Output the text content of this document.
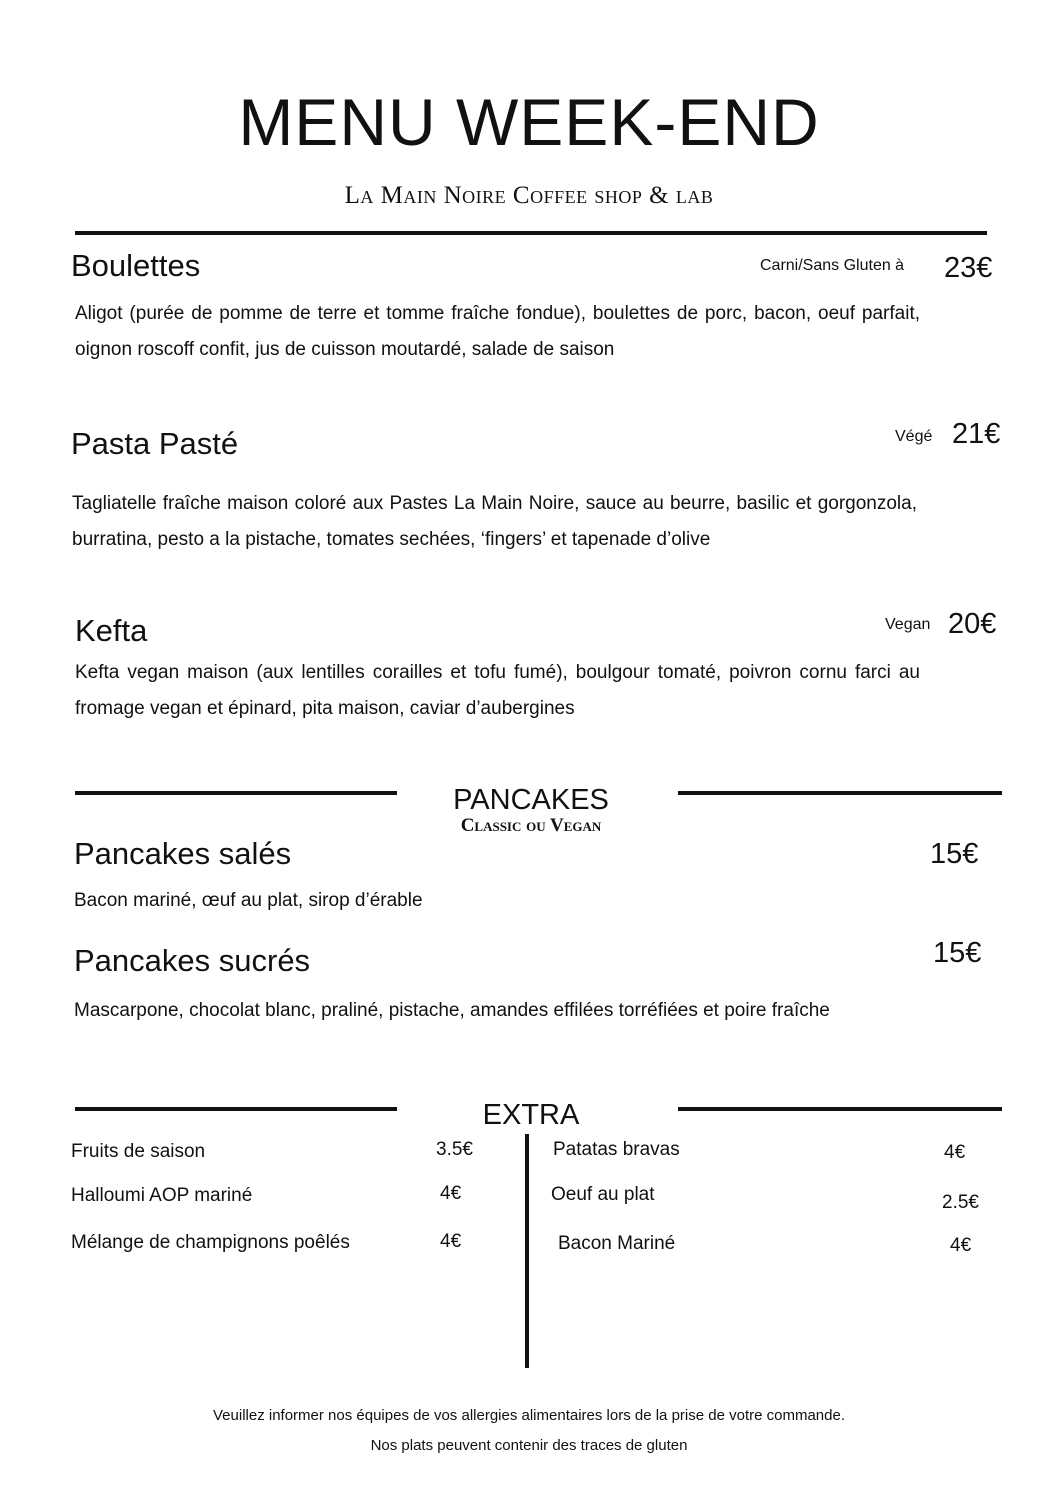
MENU WEEK-END
La Main Noire Coffee shop & lab
Boulettes	Carni/Sans Gluten à 23€
Aligot (purée de pomme de terre et tomme fraîche fondue), boulettes de porc, bacon, oeuf parfait, oignon roscoff confit, jus de cuisson moutardé, salade de saison
Pasta Pasté	Végé 21€
Tagliatelle fraîche maison coloré aux Pastes La Main Noire, sauce au beurre, basilic et gorgonzola, burratina, pesto a la pistache, tomates sechées, ‘fingers’ et tapenade d’olive
Kefta	Vegan 20€
Kefta vegan maison (aux lentilles corailles et tofu fumé), boulgour tomaté, poivron cornu farci au fromage vegan et épinard, pita maison, caviar d’aubergines
PANCAKES
Classic ou Vegan
Pancakes salés	15€
Bacon mariné, œuf au plat, sirop d’érable
Pancakes sucrés	15€
Mascarpone, chocolat blanc, praliné, pistache, amandes effilées torréfiées et poire fraîche
EXTRA
Fruits de saison	3.5€
Halloumi AOP mariné	4€
Mélange de champignons poêlés	4€
Patatas bravas	4€
Oeuf au plat	2.5€
Bacon Mariné	4€
Veuillez informer nos équipes de vos allergies alimentaires lors de la prise de votre commande.
Nos plats peuvent contenir des traces de gluten
